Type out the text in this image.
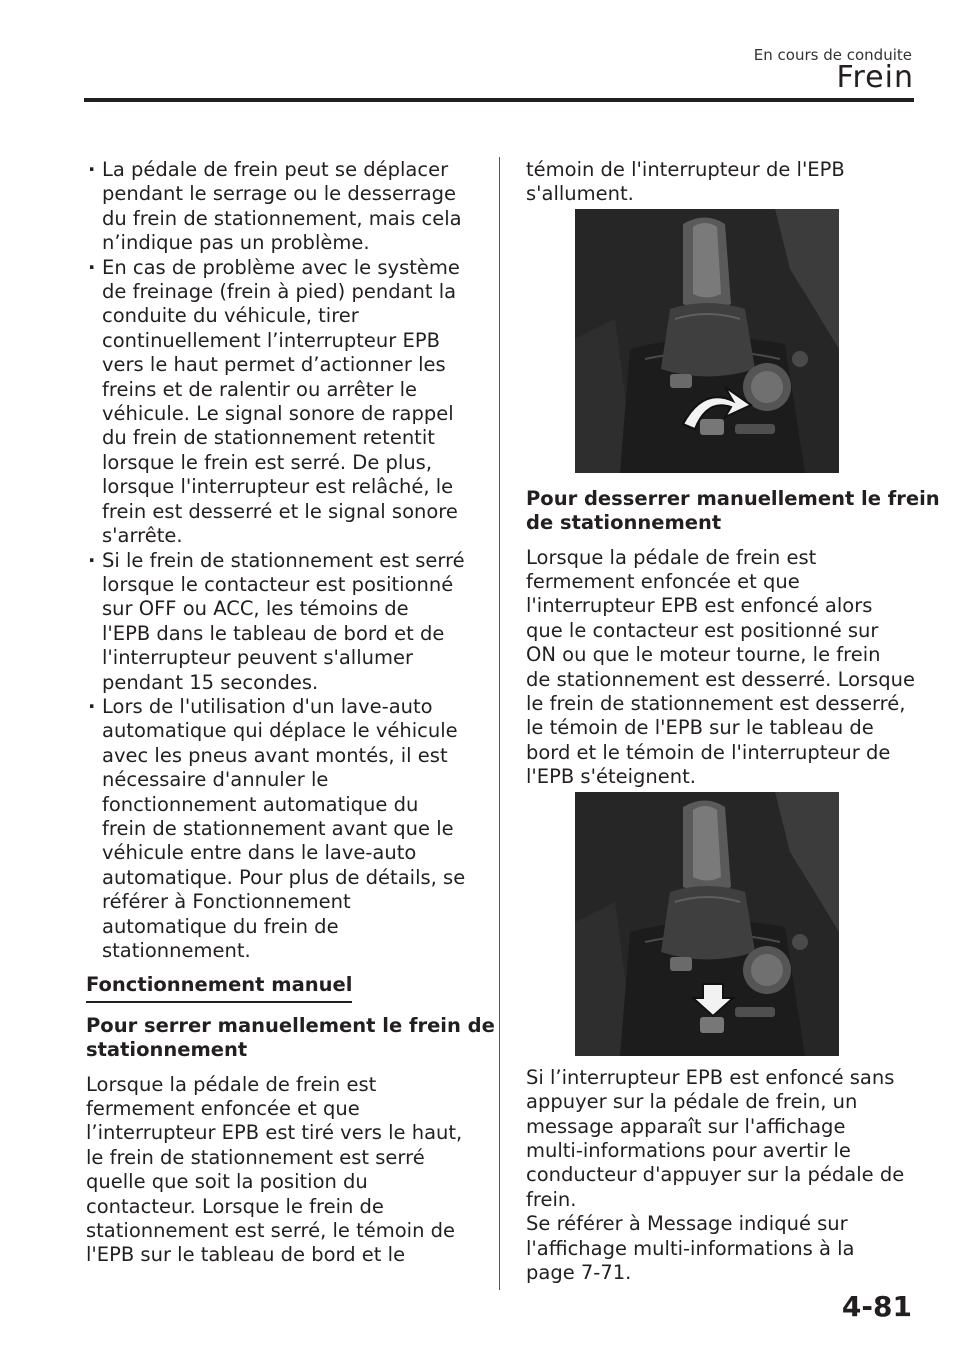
En cours de conduite
Frein
· La pédale de frein peut se déplacer
pendant le serrage ou le desserrage
du frein de stationnement, mais cela
n’indique pas un problème.
· En cas de problème avec le système
de freinage (frein à pied) pendant la
conduite du véhicule, tirer
continuellement l’interrupteur EPB
vers le haut permet d’actionner les
freins et de ralentir ou arrêter le
véhicule. Le signal sonore de rappel
du frein de stationnement retentit
lorsque le frein est serré. De plus,
lorsque l'interrupteur est relâché, le
frein est desserré et le signal sonore
s'arrête.
· Si le frein de stationnement est serré
lorsque le contacteur est positionné
sur OFF ou ACC, les témoins de
l'EPB dans le tableau de bord et de
l'interrupteur peuvent s'allumer
pendant 15 secondes.
· Lors de l'utilisation d'un lave-auto
automatique qui déplace le véhicule
avec les pneus avant montés, il est
nécessaire d'annuler le
fonctionnement automatique du
frein de stationnement avant que le
véhicule entre dans le lave-auto
automatique. Pour plus de détails, se
référer à Fonctionnement
automatique du frein de
stationnement.
Fonctionnement manuel
Pour serrer manuellement le frein de
stationnement
Lorsque la pédale de frein est
fermement enfoncée et que
l’interrupteur EPB est tiré vers le haut,
le frein de stationnement est serré
quelle que soit la position du
contacteur. Lorsque le frein de
stationnement est serré, le témoin de
l'EPB sur le tableau de bord et le
témoin de l'interrupteur de l'EPB
s'allument.
Pour desserrer manuellement le frein
de stationnement
Lorsque la pédale de frein est
fermement enfoncée et que
l'interrupteur EPB est enfoncé alors
que le contacteur est positionné sur
ON ou que le moteur tourne, le frein
de stationnement est desserré. Lorsque
le frein de stationnement est desserré,
le témoin de l'EPB sur le tableau de
bord et le témoin de l'interrupteur de
l'EPB s'éteignent.
Si l’interrupteur EPB est enfoncé sans
appuyer sur la pédale de frein, un
message apparaît sur l'affichage
multi-informations pour avertir le
conducteur d'appuyer sur la pédale de
frein.
Se référer à Message indiqué sur
l'affichage multi-informations à la
page 7-71.
4-81
